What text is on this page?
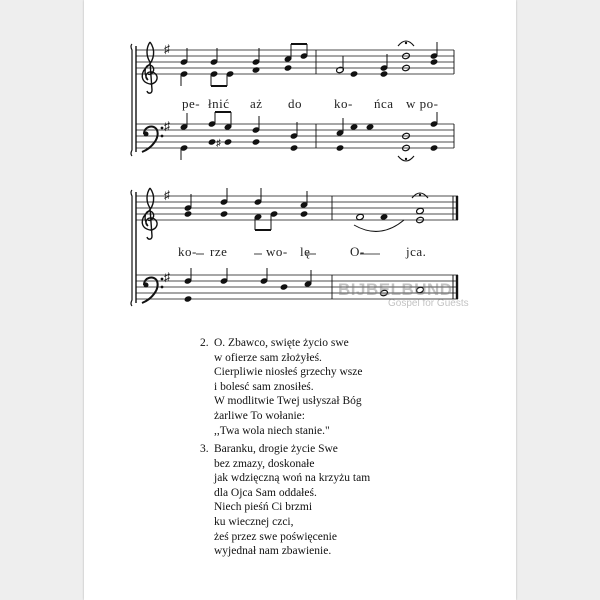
♯
♯
♯
♯
♯
pe- łnić aż do ko- ńca w po-
ko- rze	wo- lę	O-	jca.
BIJBELBUND
Gospel for Guests
2. O. Zbawco, swięte życio swe
w ofierze sam złożyłeś.
Cierpliwie niosłeś grzechy wsze
i bolesć sam znosiłeś.
W modlitwie Twej usłyszał Bóg
żarliwe To wołanie:
,,Twa wola niech stanie."
3. Baranku, drogie życie Swe
bez zmazy, doskonałe
jak wdzięczną woń na krzyżu tam
dla Ojca Sam oddałeś.
Niech pieśń Ci brzmi
ku wiecznej czci,
żeś przez swe poświęcenie
wyjednał nam zbawienie.
